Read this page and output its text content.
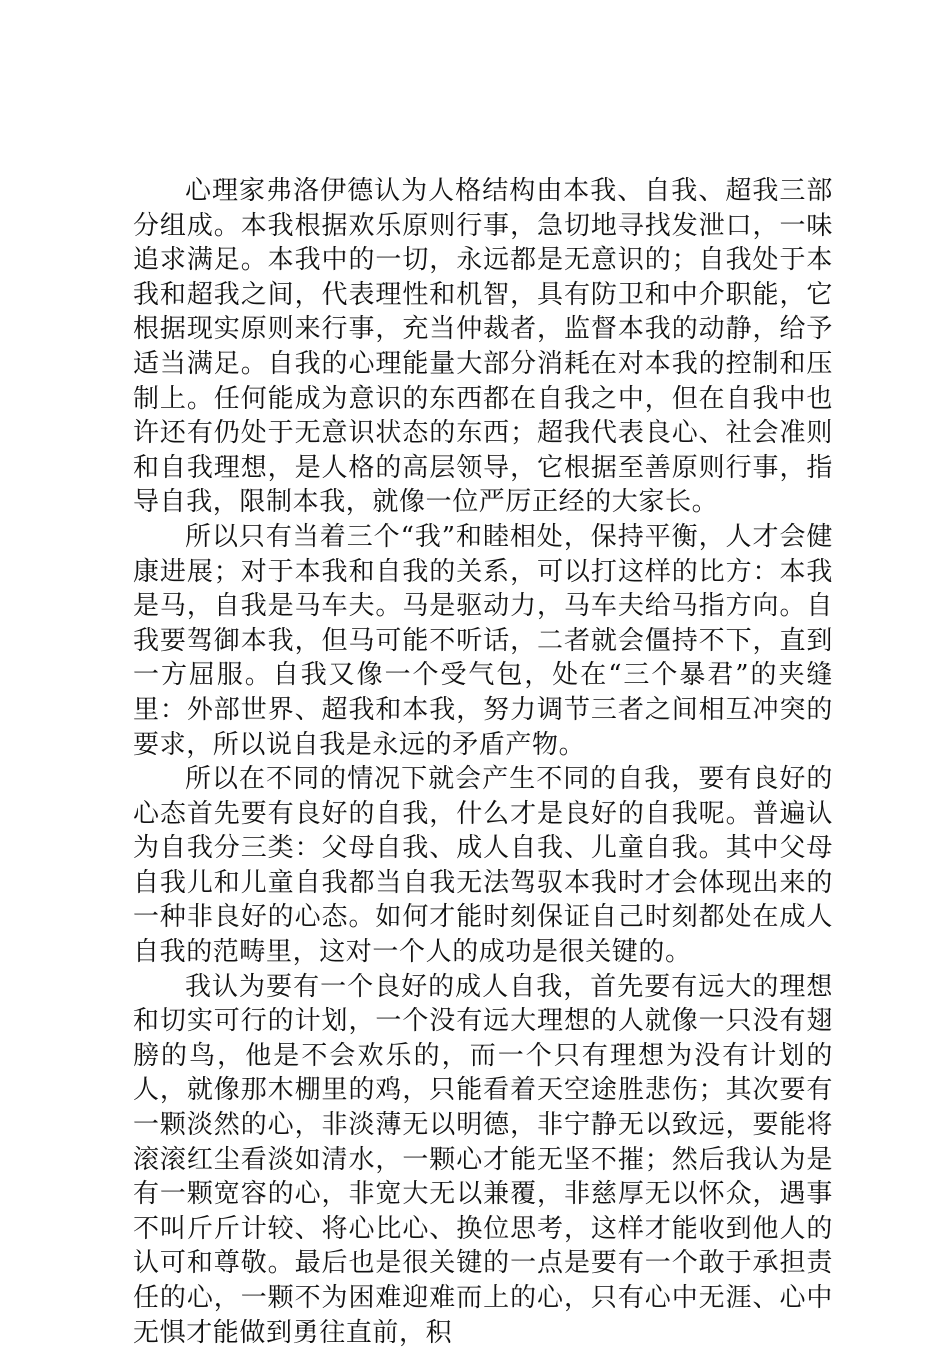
心理家弗洛伊德认为人格结构由本我、自我、超我三部分组成。本我根据欢乐原则行事，急切地寻找发泄口，一味追求满足。本我中的一切，永远都是无意识的；自我处于本我和超我之间，代表理性和机智，具有防卫和中介职能，它根据现实原则来行事，充当仲裁者，监督本我的动静，给予适当满足。自我的心理能量大部分消耗在对本我的控制和压制上。任何能成为意识的东西都在自我之中，但在自我中也许还有仍处于无意识状态的东西；超我代表良心、社会准则和自我理想，是人格的高层领导，它根据至善原则行事，指导自我，限制本我，就像一位严厉正经的大家长。

所以只有当着三个“我”和睦相处，保持平衡，人才会健康进展；对于本我和自我的关系，可以打这样的比方：本我是马，自我是马车夫。马是驱动力，马车夫给马指方向。自我要驾御本我，但马可能不听话，二者就会僵持不下，直到一方屈服。自我又像一个受气包，处在“三个暴君”的夹缝里：外部世界、超我和本我，努力调节三者之间相互冲突的要求，所以说自我是永远的矛盾产物。

所以在不同的情况下就会产生不同的自我，要有良好的心态首先要有良好的自我，什么才是良好的自我呢。普遍认为自我分三类：父母自我、成人自我、儿童自我。其中父母自我儿和儿童自我都当自我无法驾驭本我时才会体现出来的一种非良好的心态。如何才能时刻保证自己时刻都处在成人自我的范畴里，这对一个人的成功是很关键的。

我认为要有一个良好的成人自我，首先要有远大的理想和切实可行的计划，一个没有远大理想的人就像一只没有翅膀的鸟，他是不会欢乐的，而一个只有理想为没有计划的人，就像那木棚里的鸡，只能看着天空途胜悲伤；其次要有一颗淡然的心，非淡薄无以明德，非宁静无以致远，要能将滚滚红尘看淡如清水，一颗心才能无坚不摧；然后我认为是有一颗宽容的心，非宽大无以兼覆，非慈厚无以怀众，遇事不叫斤斤计较、将心比心、换位思考，这样才能收到他人的认可和尊敬。最后也是很关键的一点是要有一个敢于承担责任的心，一颗不为困难迎难而上的心，只有心中无涯、心中无惧才能做到勇往直前，积
